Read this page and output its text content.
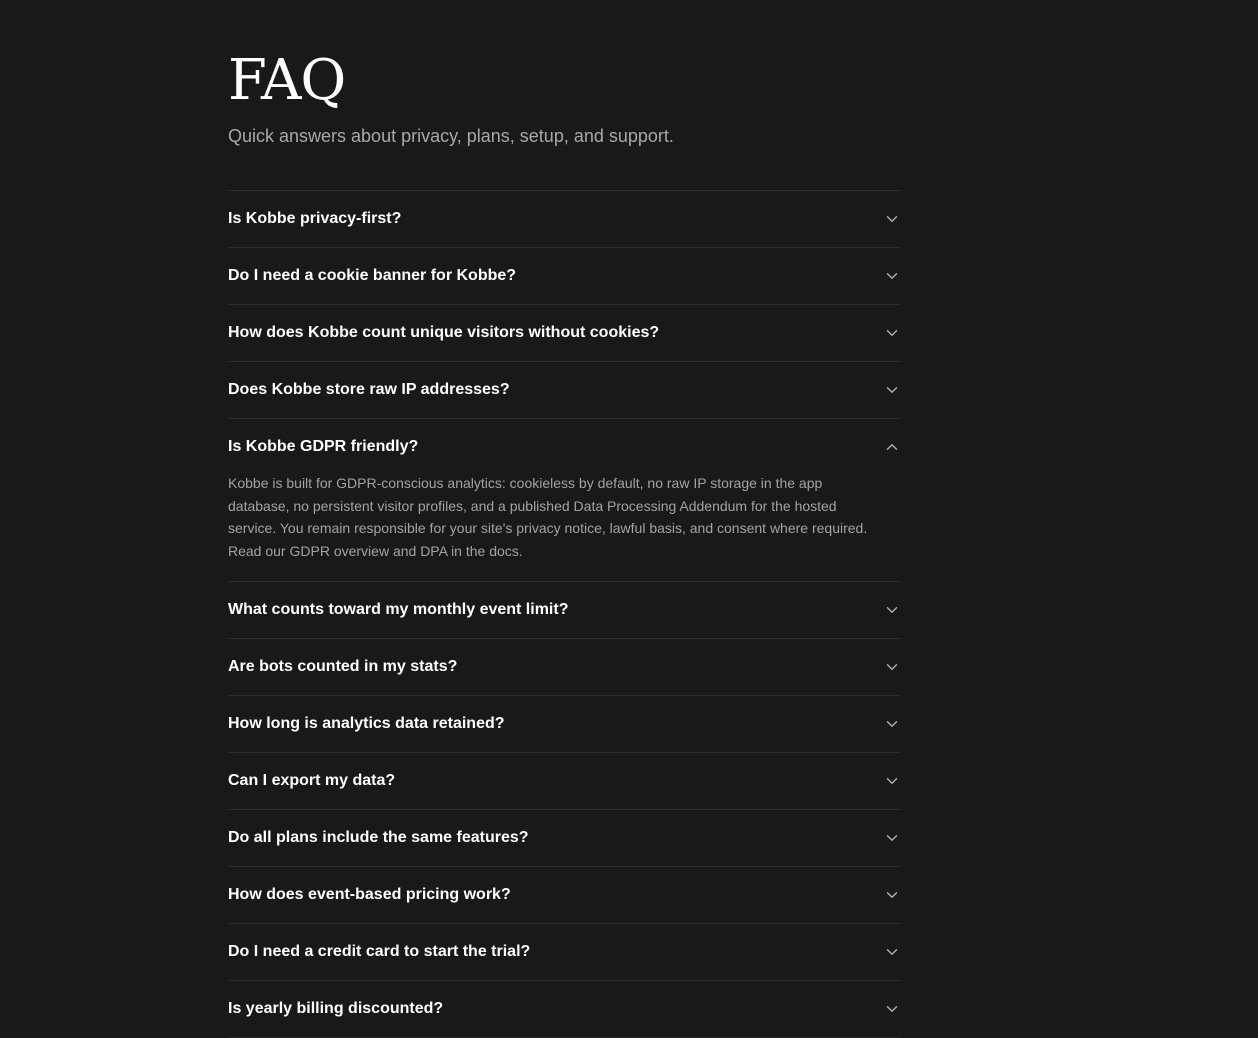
FAQ

Quick answers about privacy, plans, setup, and support.

Is Kobbe privacy-first?
Do I need a cookie banner for Kobbe?
How does Kobbe count unique visitors without cookies?
Does Kobbe store raw IP addresses?
Is Kobbe GDPR friendly?
Kobbe is built for GDPR-conscious analytics: cookieless by default, no raw IP storage in the app database, no persistent visitor profiles, and a published Data Processing Addendum for the hosted service. You remain responsible for your site's privacy notice, lawful basis, and consent where required. Read our GDPR overview and DPA in the docs.
What counts toward my monthly event limit?
Are bots counted in my stats?
How long is analytics data retained?
Can I export my data?
Do all plans include the same features?
How does event-based pricing work?
Do I need a credit card to start the trial?
Is yearly billing discounted?
